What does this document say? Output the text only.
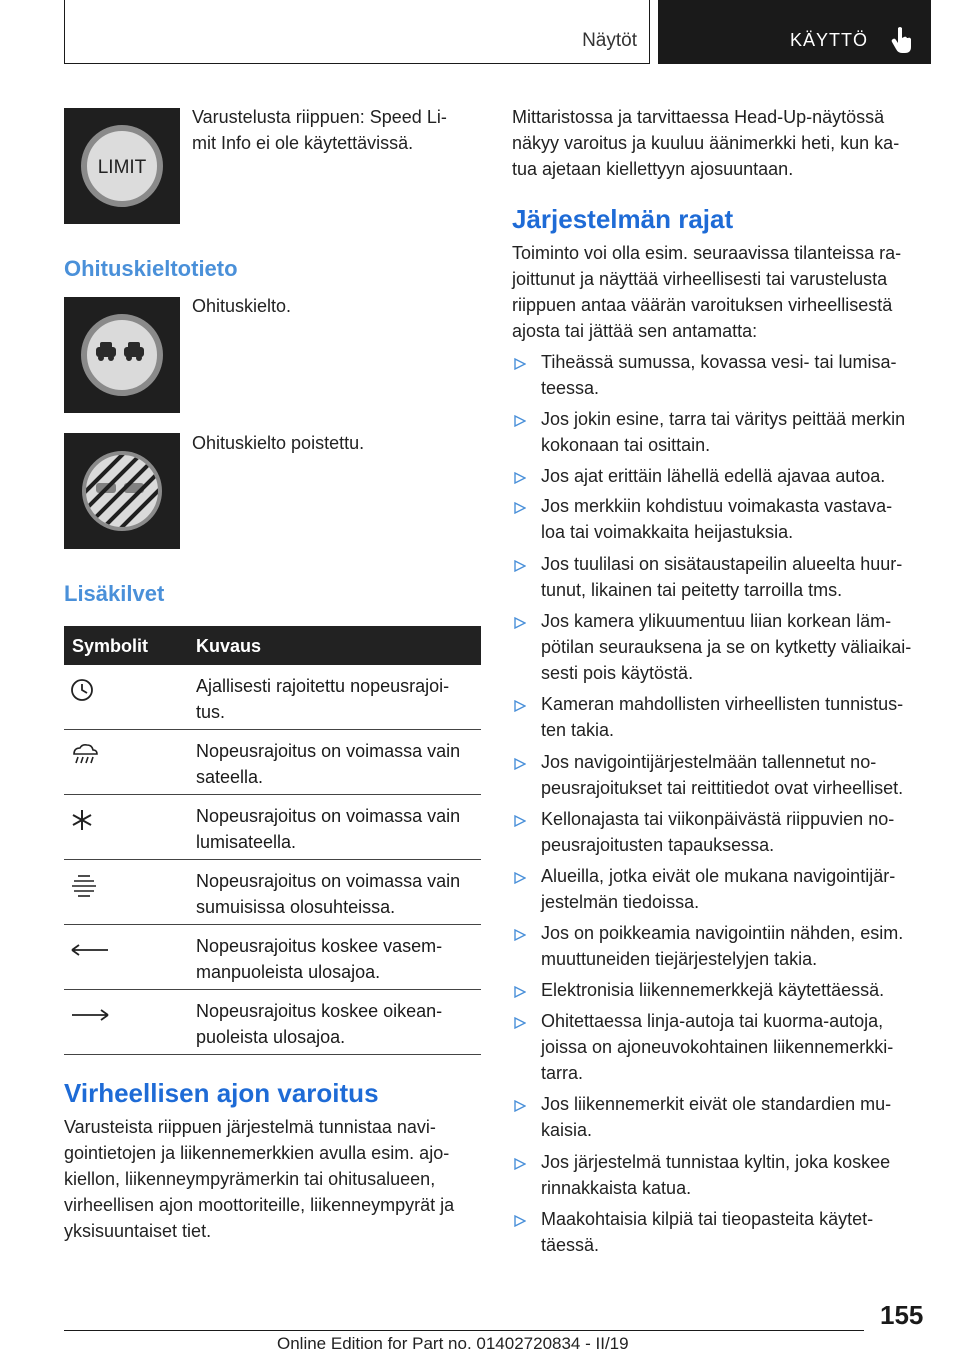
Näytöt	KÄYTTÖ
LIMIT
Varustelusta riippuen: Speed Li-
mit Info ei ole käytettävissä.
Ohituskieltotieto
Ohituskielto.
Ohituskielto poistettu.
Lisäkilvet
Symbolit	Kuvaus
Ajallisesti rajoitettu nopeusrajoi-
tus.
Nopeusrajoitus on voimassa vain
sateella.
Nopeusrajoitus on voimassa vain
lumisateella.
Nopeusrajoitus on voimassa vain
sumuisissa olosuhteissa.
Nopeusrajoitus koskee vasem-
manpuoleista ulosajoa.
Nopeusrajoitus koskee oikean-
puoleista ulosajoa.
Virheellisen ajon varoitus
Varusteista riippuen järjestelmä tunnistaa navi-
gointietojen ja liikennemerkkien avulla esim. ajo-
kiellon, liikenneympyrämerkin tai ohitusalueen,
virheellisen ajon moottoriteille, liikenneympyrät ja
yksisuuntaiset tiet.
Mittaristossa ja tarvittaessa Head-Up-näytössä
näkyy varoitus ja kuuluu äänimerkki heti, kun ka-
tua ajetaan kiellettyyn ajosuuntaan.
Järjestelmän rajat
Toiminto voi olla esim. seuraavissa tilanteissa ra-
joittunut ja näyttää virheellisesti tai varustelusta
riippuen antaa väärän varoituksen virheellisestä
ajosta tai jättää sen antamatta:
Tiheässä sumussa, kovassa vesi- tai lumisa-
teessa.
Jos jokin esine, tarra tai väritys peittää merkin
kokonaan tai osittain.
Jos ajat erittäin lähellä edellä ajavaa autoa.
Jos merkkiin kohdistuu voimakasta vastava-
loa tai voimakkaita heijastuksia.
Jos tuulilasi on sisätaustapeilin alueelta huur-
tunut, likainen tai peitetty tarroilla tms.
Jos kamera ylikuumentuu liian korkean läm-
pötilan seurauksena ja se on kytketty väliaikai-
sesti pois käytöstä.
Kameran mahdollisten virheellisten tunnistus-
ten takia.
Jos navigointijärjestelmään tallennetut no-
peusrajoitukset tai reittitiedot ovat virheelliset.
Kellonajasta tai viikonpäivästä riippuvien no-
peusrajoitusten tapauksessa.
Alueilla, jotka eivät ole mukana navigointijär-
jestelmän tiedoissa.
Jos on poikkeamia navigointiin nähden, esim.
muuttuneiden tiejärjestelyjen takia.
Elektronisia liikennemerkkejä käytettäessä.
Ohitettaessa linja-autoja tai kuorma-autoja,
joissa on ajoneuvokohtainen liikennemerkki-
tarra.
Jos liikennemerkit eivät ole standardien mu-
kaisia.
Jos järjestelmä tunnistaa kyltin, joka koskee
rinnakkaista katua.
Maakohtaisia kilpiä tai tieopasteita käytet-
täessä.
155
Online Edition for Part no. 01402720834 - II/19
